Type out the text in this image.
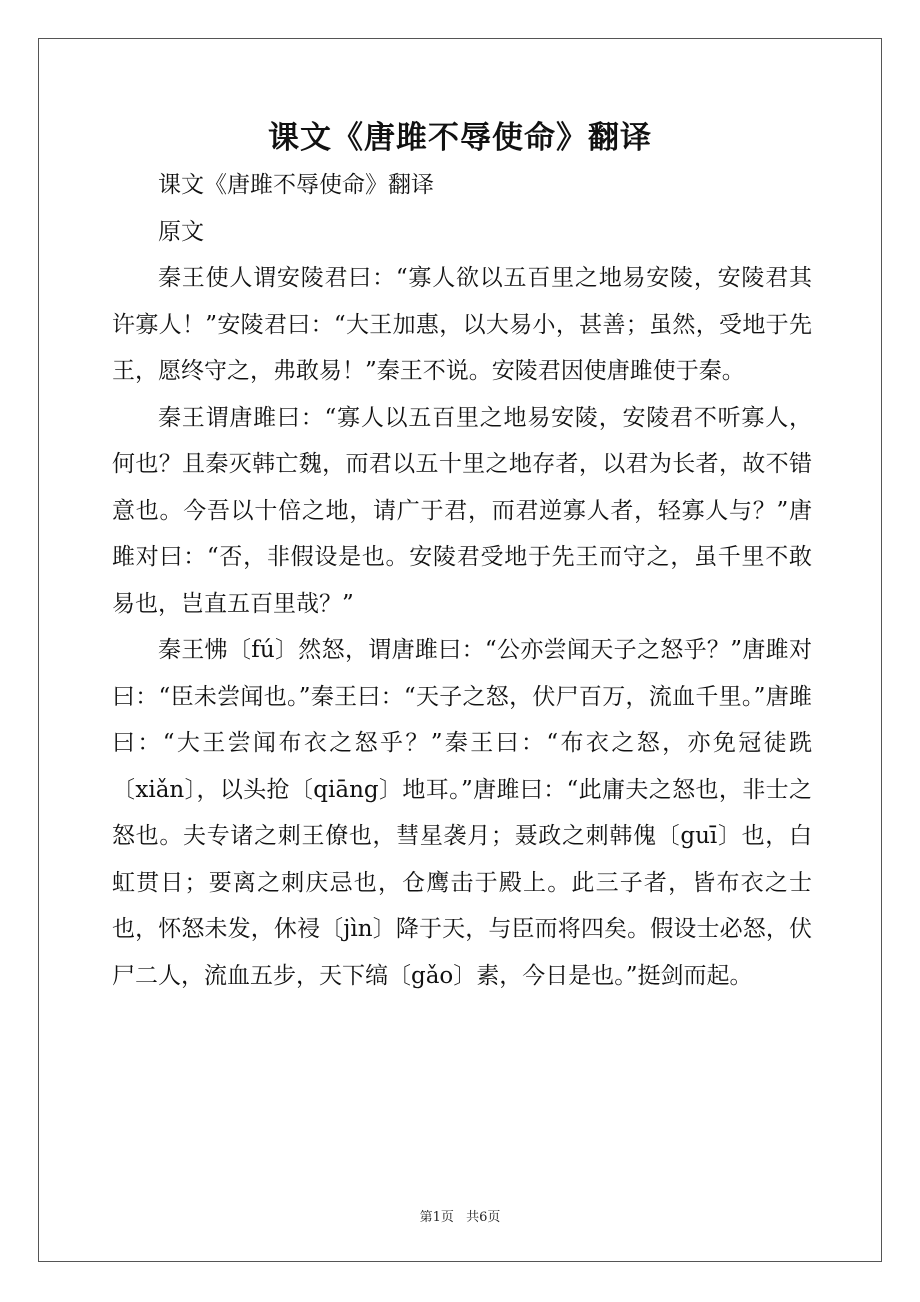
课文《唐雎不辱使命》翻译

课文《唐雎不辱使命》翻译

原文

秦王使人谓安陵君曰：“寡人欲以五百里之地易安陵，安陵君其许寡人！”安陵君曰：“大王加惠，以大易小，甚善；虽然，受地于先王，愿终守之，弗敢易！”秦王不说。安陵君因使唐雎使于秦。

秦王谓唐雎曰：“寡人以五百里之地易安陵，安陵君不听寡人，何也？且秦灭韩亡魏，而君以五十里之地存者，以君为长者，故不错意也。今吾以十倍之地，请广于君，而君逆寡人者，轻寡人与？”唐雎对曰：“否，非假设是也。安陵君受地于先王而守之，虽千里不敢易也，岂直五百里哉？”

秦王怫〔fú〕然怒，谓唐雎曰：“公亦尝闻天子之怒乎？”唐雎对曰：“臣未尝闻也。”秦王曰：“天子之怒，伏尸百万，流血千里。”唐雎曰：“大王尝闻布衣之怒乎？”秦王曰：“布衣之怒，亦免冠徒跣〔xiǎn〕，以头抢〔qiāng〕地耳。”唐雎曰：“此庸夫之怒也，非士之怒也。夫专诸之刺王僚也，彗星袭月；聂政之刺韩傀〔guī〕也，白虹贯日；要离之刺庆忌也，仓鹰击于殿上。此三子者，皆布衣之士也，怀怒未发，休祲〔jìn〕降于天，与臣而将四矣。假设士必怒，伏尸二人，流血五步，天下缟〔gǎo〕素，今日是也。”挺剑而起。

第1页 共6页
